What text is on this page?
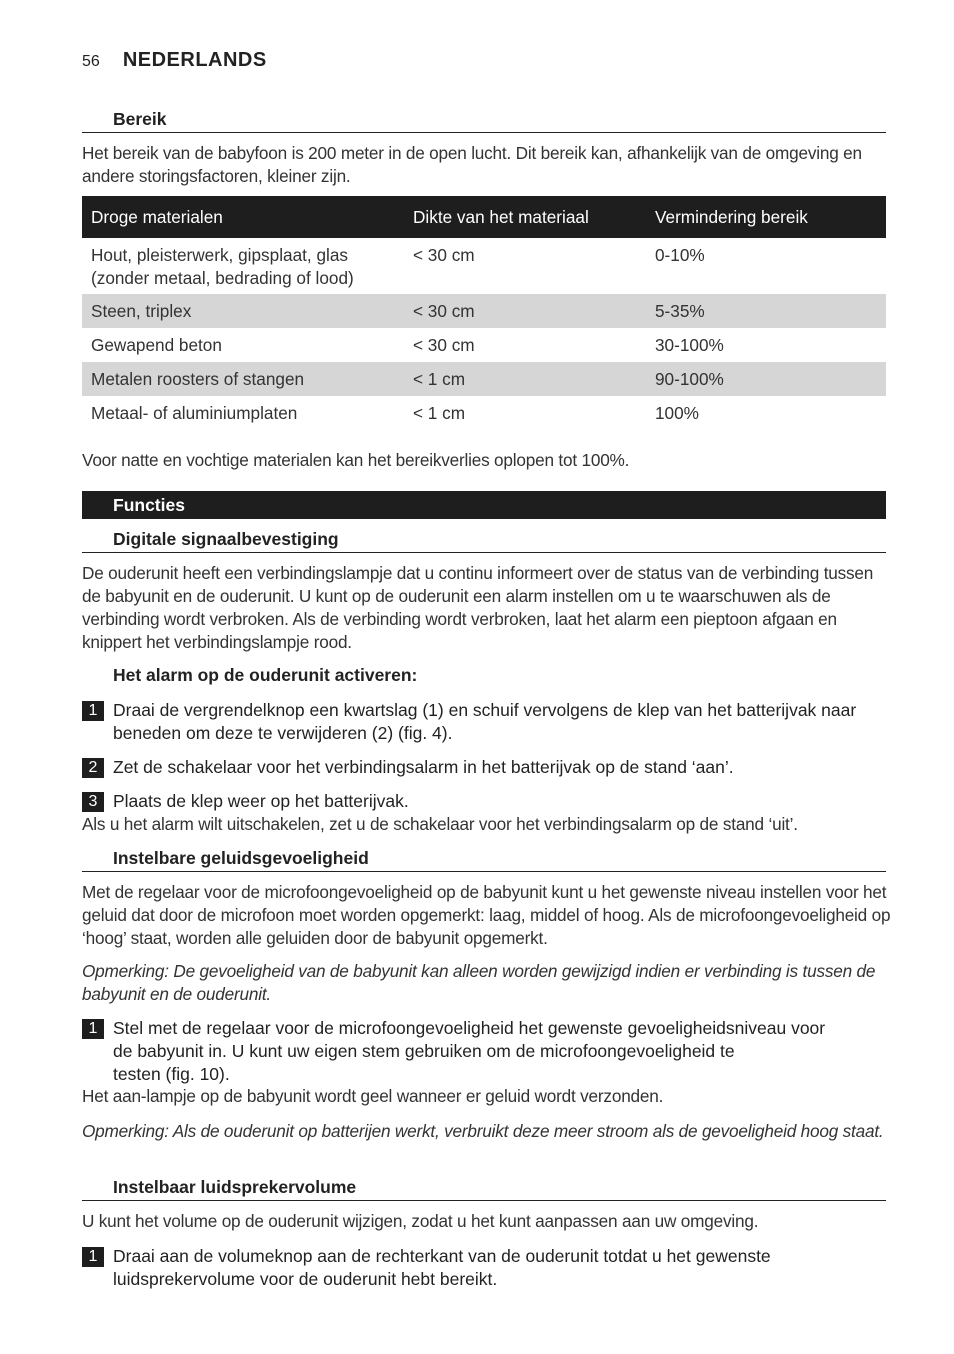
56 NEDERLANDS
Bereik
Het bereik van de babyfoon is 200 meter in de open lucht. Dit bereik kan, afhankelijk van de omgeving en andere storingsfactoren, kleiner zijn.
Droge materialen	Dikte van het materiaal	Vermindering bereik
Hout, pleisterwerk, gipsplaat, glas (zonder metaal, bedrading of lood)	< 30 cm	0-10%
Steen, triplex	< 30 cm	5-35%
Gewapend beton	< 30 cm	30-100%
Metalen roosters of stangen	< 1 cm	90-100%
Metaal- of aluminiumplaten	< 1 cm	100%
Voor natte en vochtige materialen kan het bereikverlies oplopen tot 100%.
Functies
Digitale signaalbevestiging
De ouderunit heeft een verbindingslampje dat u continu informeert over de status van de verbinding tussen de babyunit en de ouderunit. U kunt op de ouderunit een alarm instellen om u te waarschuwen als de verbinding wordt verbroken. Als de verbinding wordt verbroken, laat het alarm een pieptoon afgaan en knippert het verbindingslampje rood.
Het alarm op de ouderunit activeren:
1 Draai de vergrendelknop een kwartslag (1) en schuif vervolgens de klep van het batterijvak naar beneden om deze te verwijderen (2) (fig. 4).
2 Zet de schakelaar voor het verbindingsalarm in het batterijvak op de stand ‘aan’.
3 Plaats de klep weer op het batterijvak.
Als u het alarm wilt uitschakelen, zet u de schakelaar voor het verbindingsalarm op de stand ‘uit’.
Instelbare geluidsgevoeligheid
Met de regelaar voor de microfoongevoeligheid op de babyunit kunt u het gewenste niveau instellen voor het geluid dat door de microfoon moet worden opgemerkt: laag, middel of hoog. Als de microfoongevoeligheid op ‘hoog’ staat, worden alle geluiden door de babyunit opgemerkt.
Opmerking: De gevoeligheid van de babyunit kan alleen worden gewijzigd indien er verbinding is tussen de babyunit en de ouderunit.
1 Stel met de regelaar voor de microfoongevoeligheid het gewenste gevoeligheidsniveau voor
de babyunit in. U kunt uw eigen stem gebruiken om de microfoongevoeligheid te
testen (fig. 10).
Het aan-lampje op de babyunit wordt geel wanneer er geluid wordt verzonden.
Opmerking: Als de ouderunit op batterijen werkt, verbruikt deze meer stroom als de gevoeligheid hoog staat.
Instelbaar luidsprekervolume
U kunt het volume op de ouderunit wijzigen, zodat u het kunt aanpassen aan uw omgeving.
1 Draai aan de volumeknop aan de rechterkant van de ouderunit totdat u het gewenste luidsprekervolume voor de ouderunit hebt bereikt.
